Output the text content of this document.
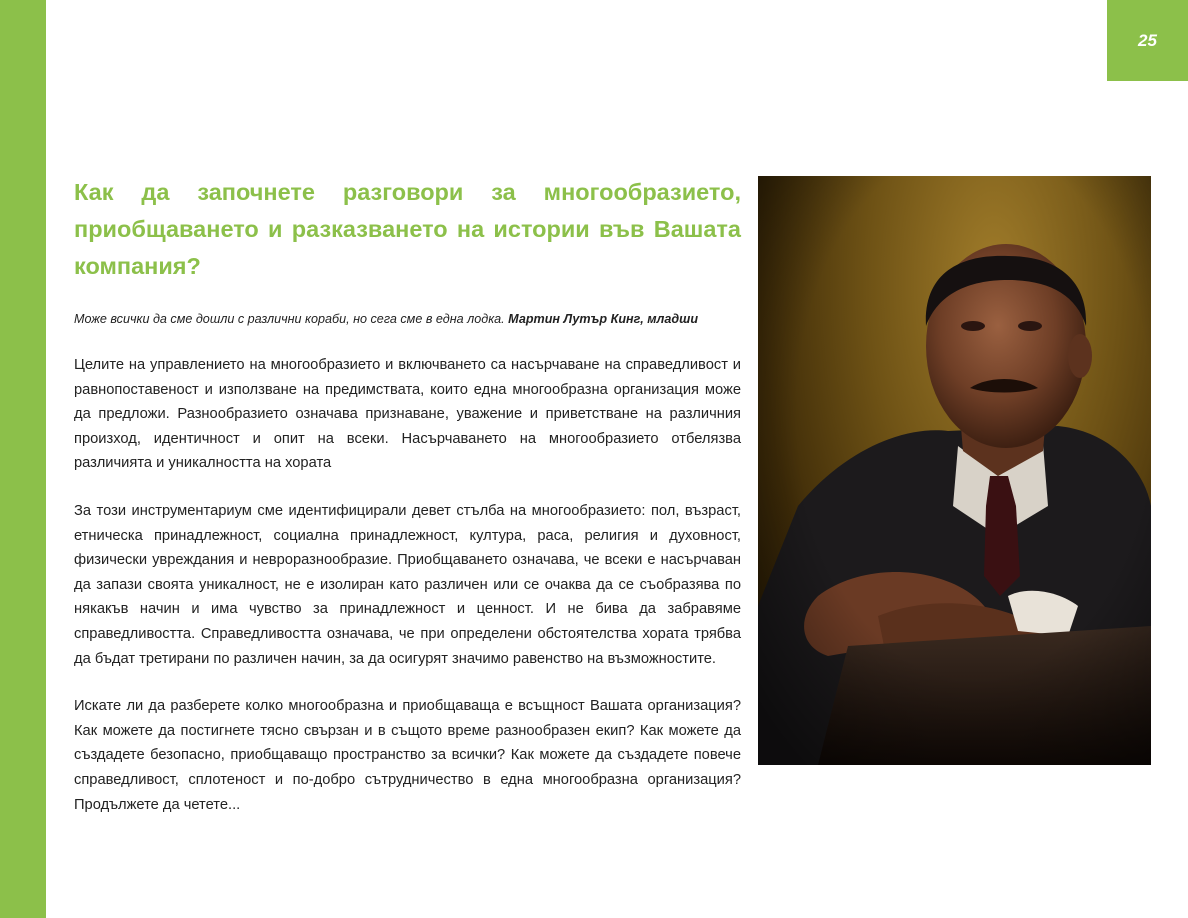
25
Как да започнете разговори за многообразието, приобщаването и разказването на истории във Вашата компания?

Може всички да сме дошли с различни кораби, но сега сме в една лодка. Мартин Лутър Кинг, младши

Целите на управлението на многообразието и включването са насърчаване на справедливост и равнопоставеност и използване на предимствата, които една многообразна организация може да предложи. Разнообразието означава признаване, уважение и приветстване на различния произход, идентичност и опит на всеки. Насърчаването на многообразието отбелязва различията и уникалността на хората

За този инструментариум сме идентифицирали девет стълба на многообразието: пол, възраст, етническа принадлежност, социална принадлежност, култура, раса, религия и духовност, физически увреждания и невроразнообразие. Приобщаването означава, че всеки е насърчаван да запази своята уникалност, не е изолиран като различен или се очаква да се съобразява по някакъв начин и има чувство за принадлежност и ценност. И не бива да забравяме справедливостта. Справедливостта означава, че при определени обстоятелства хората трябва да бъдат третирани по различен начин, за да осигурят значимо равенство на възможностите.

Искате ли да разберете колко многообразна и приобщаваща е всъщност Вашата организация? Как можете да постигнете тясно свързан и в същото време разнообразен екип? Как можете да създадете безопасно, приобщаващо пространство за всички? Как можете да създадете повече справедливост, сплотеност и по-добро сътрудничество в една многообразна организация? Продължете да четете...
